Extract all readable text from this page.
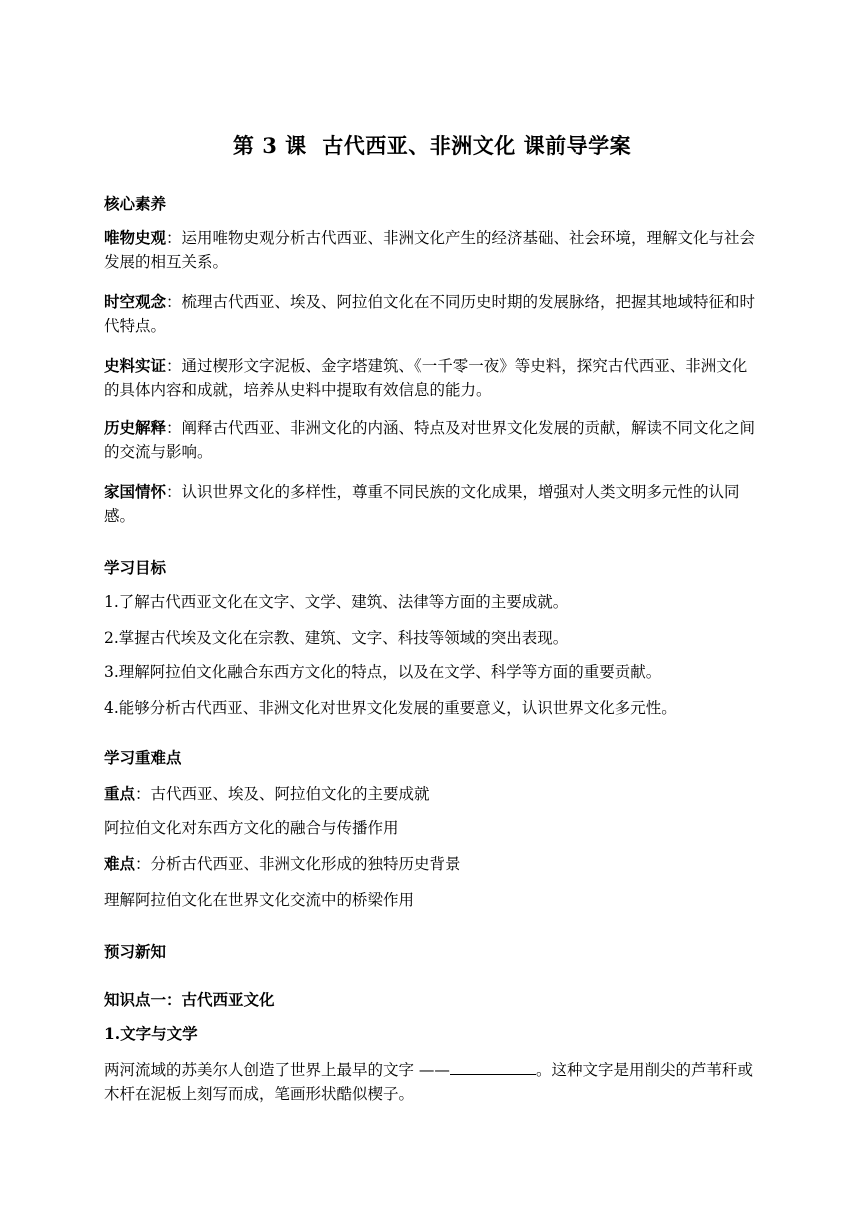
第 3 课  古代西亚、非洲文化 课前导学案
核心素养
唯物史观：运用唯物史观分析古代西亚、非洲文化产生的经济基础、社会环境，理解文化与社会发展的相互关系。
时空观念：梳理古代西亚、埃及、阿拉伯文化在不同历史时期的发展脉络，把握其地域特征和时代特点。
史料实证：通过楔形文字泥板、金字塔建筑、《一千零一夜》等史料，探究古代西亚、非洲文化的具体内容和成就，培养从史料中提取有效信息的能力。
历史解释：阐释古代西亚、非洲文化的内涵、特点及对世界文化发展的贡献，解读不同文化之间的交流与影响。
家国情怀：认识世界文化的多样性，尊重不同民族的文化成果，增强对人类文明多元性的认同感。
学习目标
1.了解古代西亚文化在文字、文学、建筑、法律等方面的主要成就。
2.掌握古代埃及文化在宗教、建筑、文字、科技等领域的突出表现。
3.理解阿拉伯文化融合东西方文化的特点，以及在文学、科学等方面的重要贡献。
4.能够分析古代西亚、非洲文化对世界文化发展的重要意义，认识世界文化多元性。
学习重难点
重点：古代西亚、埃及、阿拉伯文化的主要成就
阿拉伯文化对东西方文化的融合与传播作用
难点：分析古代西亚、非洲文化形成的独特历史背景
理解阿拉伯文化在世界文化交流中的桥梁作用
预习新知
知识点一：古代西亚文化
1.文字与文学
两河流域的苏美尔人创造了世界上最早的文字 ——	。这种文字是用削尖的芦苇秆或木杆在泥板上刻写而成，笔画形状酷似楔子。
